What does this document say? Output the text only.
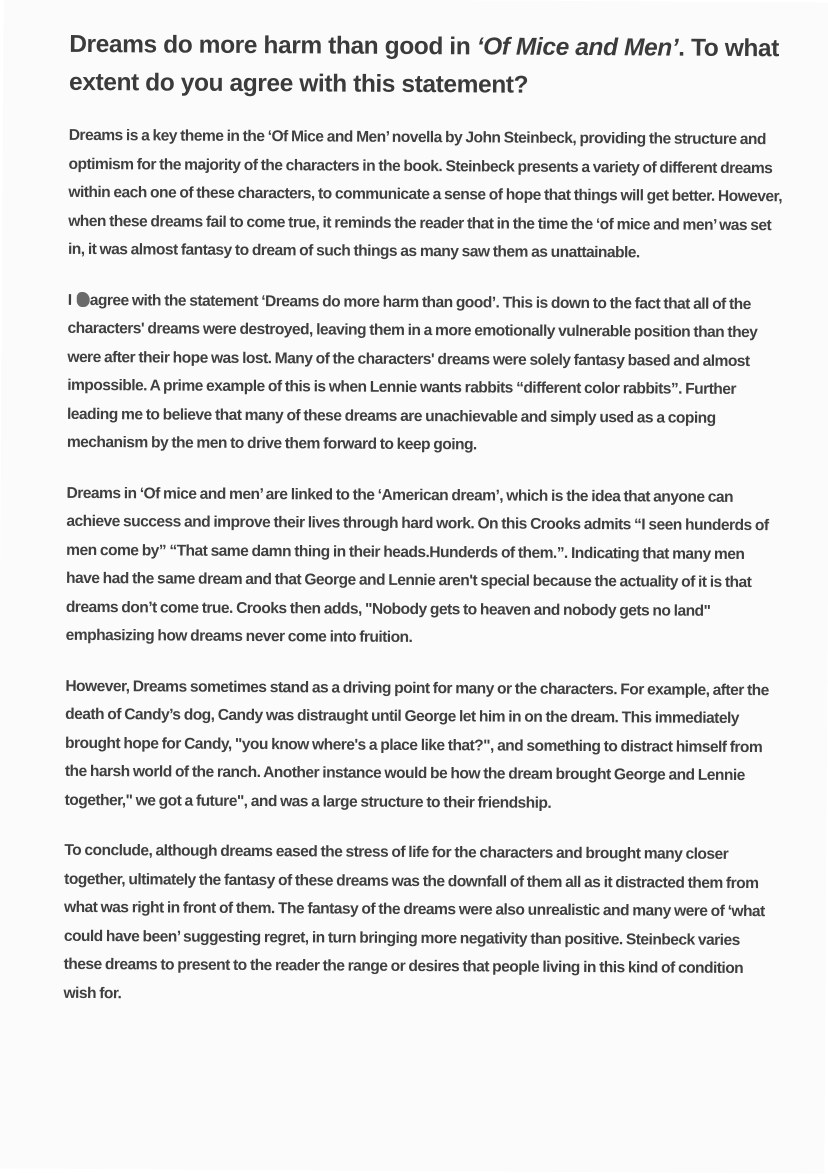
Dreams do more harm than good in ‘Of Mice and Men’. To what extent do you agree with this statement?

Dreams is a key theme in the ‘Of Mice and Men’ novella by John Steinbeck, providing the structure and optimism for the majority of the characters in the book. Steinbeck presents a variety of different dreams within each one of these characters, to communicate a sense of hope that things will get better. However, when these dreams fail to come true, it reminds the reader that in the time the ‘of mice and men’ was set in, it was almost fantasy to dream of such things as many saw them as unattainable.

I agree with the statement ‘Dreams do more harm than good’. This is down to the fact that all of the characters' dreams were destroyed, leaving them in a more emotionally vulnerable position than they were after their hope was lost. Many of the characters' dreams were solely fantasy based and almost impossible. A prime example of this is when Lennie wants rabbits “different color rabbits”. Further leading me to believe that many of these dreams are unachievable and simply used as a coping mechanism by the men to drive them forward to keep going.

Dreams in ‘Of mice and men’ are linked to the ‘American dream’, which is the idea that anyone can achieve success and improve their lives through hard work. On this Crooks admits “I seen hunderds of men come by” “That same damn thing in their heads.Hunderds of them.”. Indicating that many men have had the same dream and that George and Lennie aren't special because the actuality of it is that dreams don’t come true. Crooks then adds, "Nobody gets to heaven and nobody gets no land" emphasizing how dreams never come into fruition.

However, Dreams sometimes stand as a driving point for many or the characters. For example, after the death of Candy’s dog, Candy was distraught until George let him in on the dream. This immediately brought hope for Candy, "you know where's a place like that?", and something to distract himself from the harsh world of the ranch. Another instance would be how the dream brought George and Lennie together," we got a future", and was a large structure to their friendship.

To conclude, although dreams eased the stress of life for the characters and brought many closer together, ultimately the fantasy of these dreams was the downfall of them all as it distracted them from what was right in front of them. The fantasy of the dreams were also unrealistic and many were of ‘what could have been’ suggesting regret, in turn bringing more negativity than positive. Steinbeck varies these dreams to present to the reader the range or desires that people living in this kind of condition wish for.
